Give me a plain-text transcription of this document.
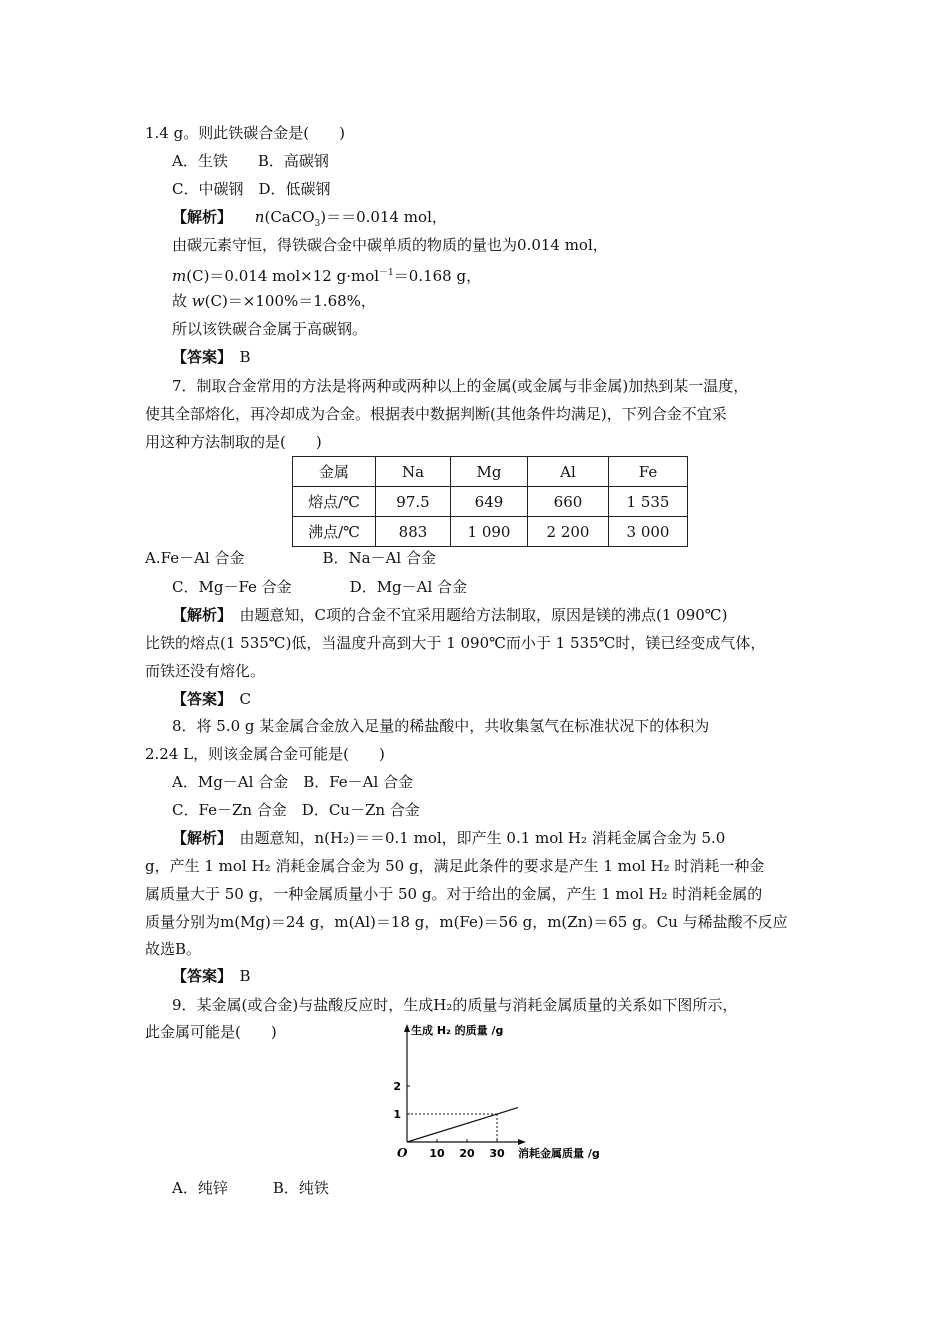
1.4 g。则此铁碳合金是(　　)
A．生铁　　B．高碳钢
C．中碳钢　D．低碳钢
【解析】 n(CaCO$_3$)＝＝0.014 mol，
由碳元素守恒，得铁碳合金中碳单质的物质的量也为0.014 mol，
m(C)＝0.014 mol×12 g·mol$^{-1}$＝0.168 g，
故 w(C)＝×100%＝1.68%，
所以该铁碳合金属于高碳钢。
【答案】　B
7．制取合金常用的方法是将两种或两种以上的金属(或金属与非金属)加热到某一温度，
使其全部熔化，再冷却成为合金。根据表中数据判断(其他条件均满足)，下列合金不宜采
用这种方法制取的是(　　)
金属	Na	Mg	Al	Fe
熔点/℃	97.5	649	660	1 535
沸点/℃	883	1 090	2 200	3 000
A.Fe－Al 合金	B．Na－Al 合金
C．Mg－Fe 合金	D．Mg－Al 合金
【解析】　由题意知，C项的合金不宜采用题给方法制取，原因是镁的沸点(1 090℃)
比铁的熔点(1 535℃)低，当温度升高到大于 1 090℃而小于 1 535℃时，镁已经变成气体，
而铁还没有熔化。
【答案】　C
8．将 5.0 g 某金属合金放入足量的稀盐酸中，共收集氢气在标准状况下的体积为
2.24 L，则该金属合金可能是(　　)
A．Mg－Al 合金　B．Fe－Al 合金
C．Fe－Zn 合金　D．Cu－Zn 合金
【解析】　由题意知，n(H₂)＝＝0.1 mol，即产生 0.1 mol H₂ 消耗金属合金为 5.0
g，产生 1 mol H₂ 消耗金属合金为 50 g，满足此条件的要求是产生 1 mol H₂ 时消耗一种金
属质量大于 50 g，一种金属质量小于 50 g。对于给出的金属，产生 1 mol H₂ 时消耗金属的
质量分别为m(Mg)＝24 g，m(Al)＝18 g，m(Fe)＝56 g，m(Zn)＝65 g。Cu 与稀盐酸不反应
故选B。
【答案】　B
9．某金属(或合金)与盐酸反应时，生成H₂的质量与消耗金属质量的关系如下图所示，
此金属可能是(　　)	生成 H₂ 的质量 /g
消耗金属质量 /g
O 10 20 30
1
2
A．纯锌　　　B．纯铁
